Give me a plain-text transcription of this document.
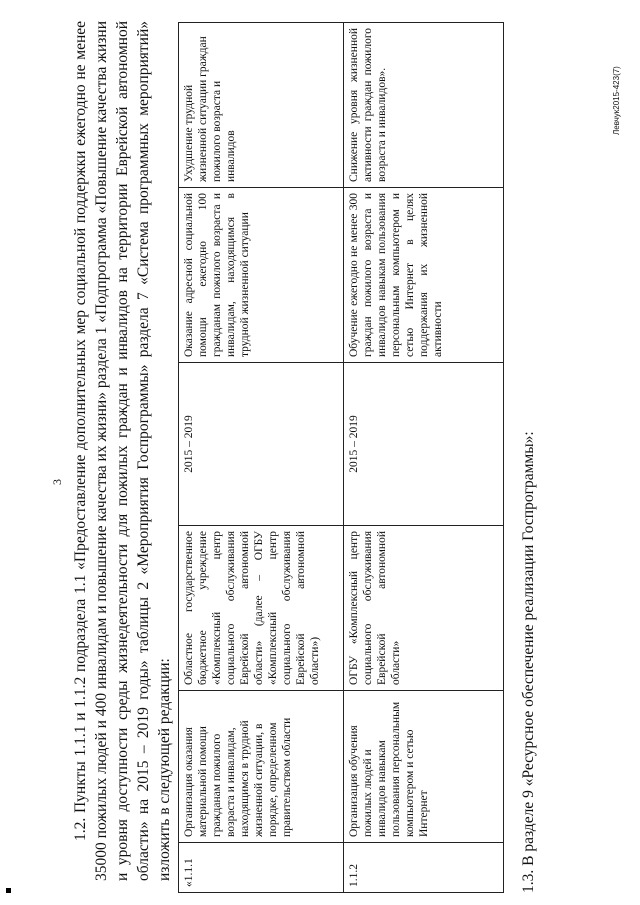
3 1.2. Пункты 1.1.1 и 1.1.2 подраздела 1.1 «Предоставление дополнительных мер социальной поддержки ежегодно не менее 35000 пожилых людей и 400 инвалидам и повышение качества их жизни» раздела 1 «Подпрограмма «Повышение качества жизни и уровня доступности среды жизнедеятельности для пожилых граждан и инвалидов на территории Еврейской автономной области» на 2015 – 2019 годы» таблицы 2 «Мероприятия Госпрограммы» раздела 7 «Система программных мероприятий» изложить в следующей редакции: «1.1.1	Организация оказания материальной помощи гражданам пожилого возраста и инвалидам, находящимся в трудной жизненной ситуации, в порядке, определенном правительством области	Областное государственное бюджетное учреждение «Комплексный центр социального обслуживания Еврейской автономной области» (далее – ОГБУ «Комплексный центр социального обслуживания Еврейской автономной области»)	2015 – 2019	Оказание адресной социальной помощи ежегодно 100 гражданам пожилого возраста и инвалидам, находящимся в трудной жизненной ситуации	Ухудшение трудной жизненной ситуации граждан пожилого возраста и инвалидов
1.1.2	Организация обучения пожилых людей и инвалидов навыкам пользования персональным компьютером и сетью Интернет	ОГБУ «Комплексный центр социального обслуживания Еврейской автономной области»	2015 – 2019	Обучение ежегодно не менее 300 граждан пожилого возраста и инвалидов навыкам пользования персональным компьютером и сетью Интернет в целях поддержания их жизненной активности	Снижение уровня жизненной активности граждан пожилого возраста и инвалидов».
1.3. В разделе 9 «Ресурсное обеспечение реализации Госпрограммы»:
Левчук2015-423(7)
